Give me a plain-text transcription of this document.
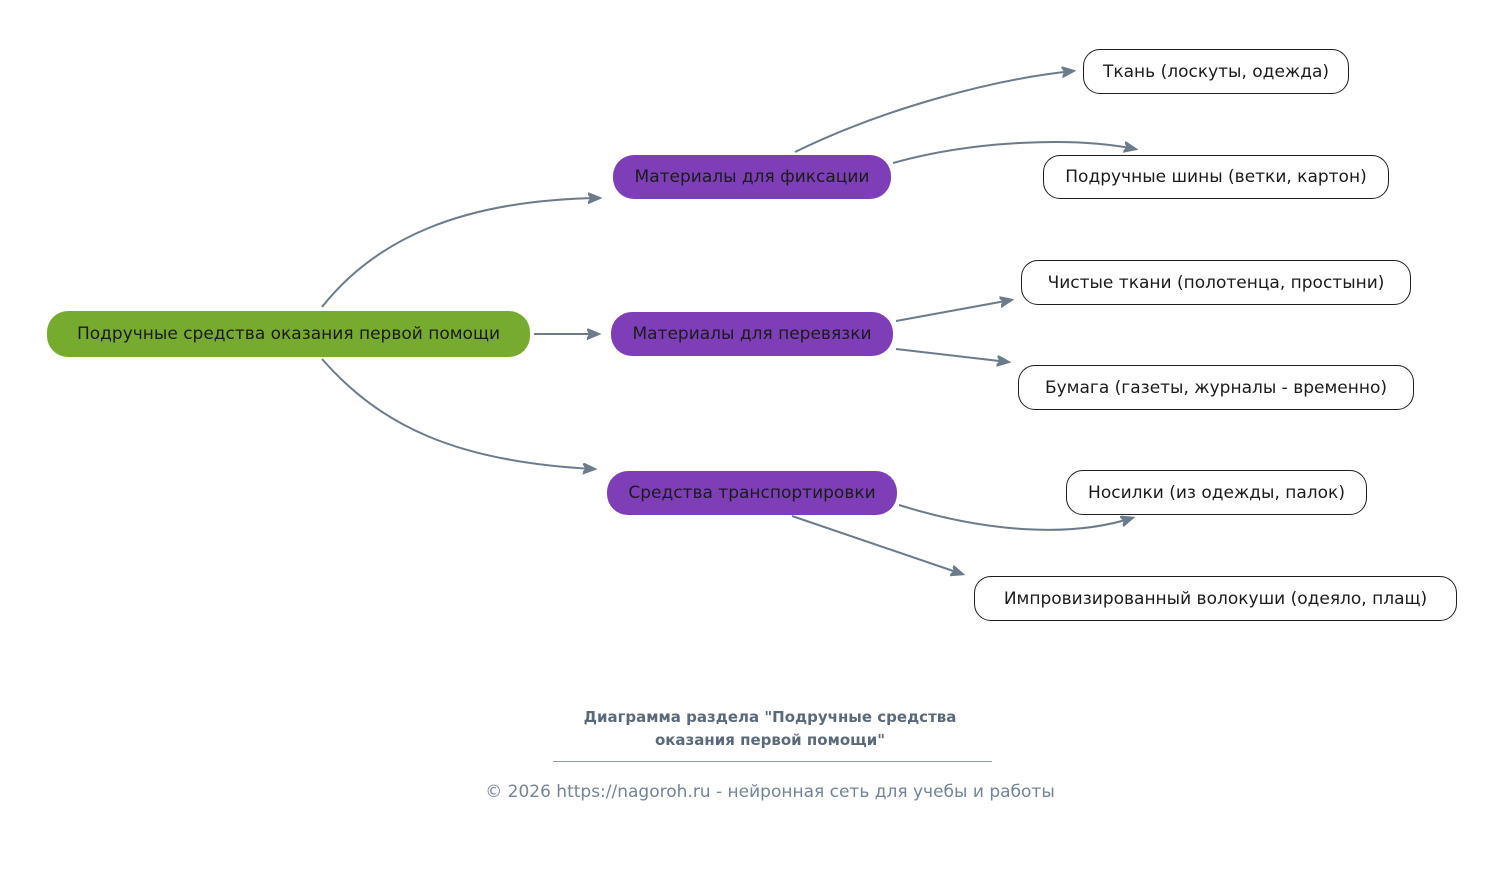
Подручные средства оказания первой помощи
Материалы для фиксации
Материалы для перевязки
Средства транспортировки
Ткань (лоскуты, одежда)
Подручные шины (ветки, картон)
Чистые ткани (полотенца, простыни)
Бумага (газеты, журналы - временно)
Носилки (из одежды, палок)
Импровизированный волокуши (одеяло, плащ)
Диаграмма раздела "Подручные средства
оказания первой помощи"
© 2026 https://nagoroh.ru - нейронная сеть для учебы и работы
